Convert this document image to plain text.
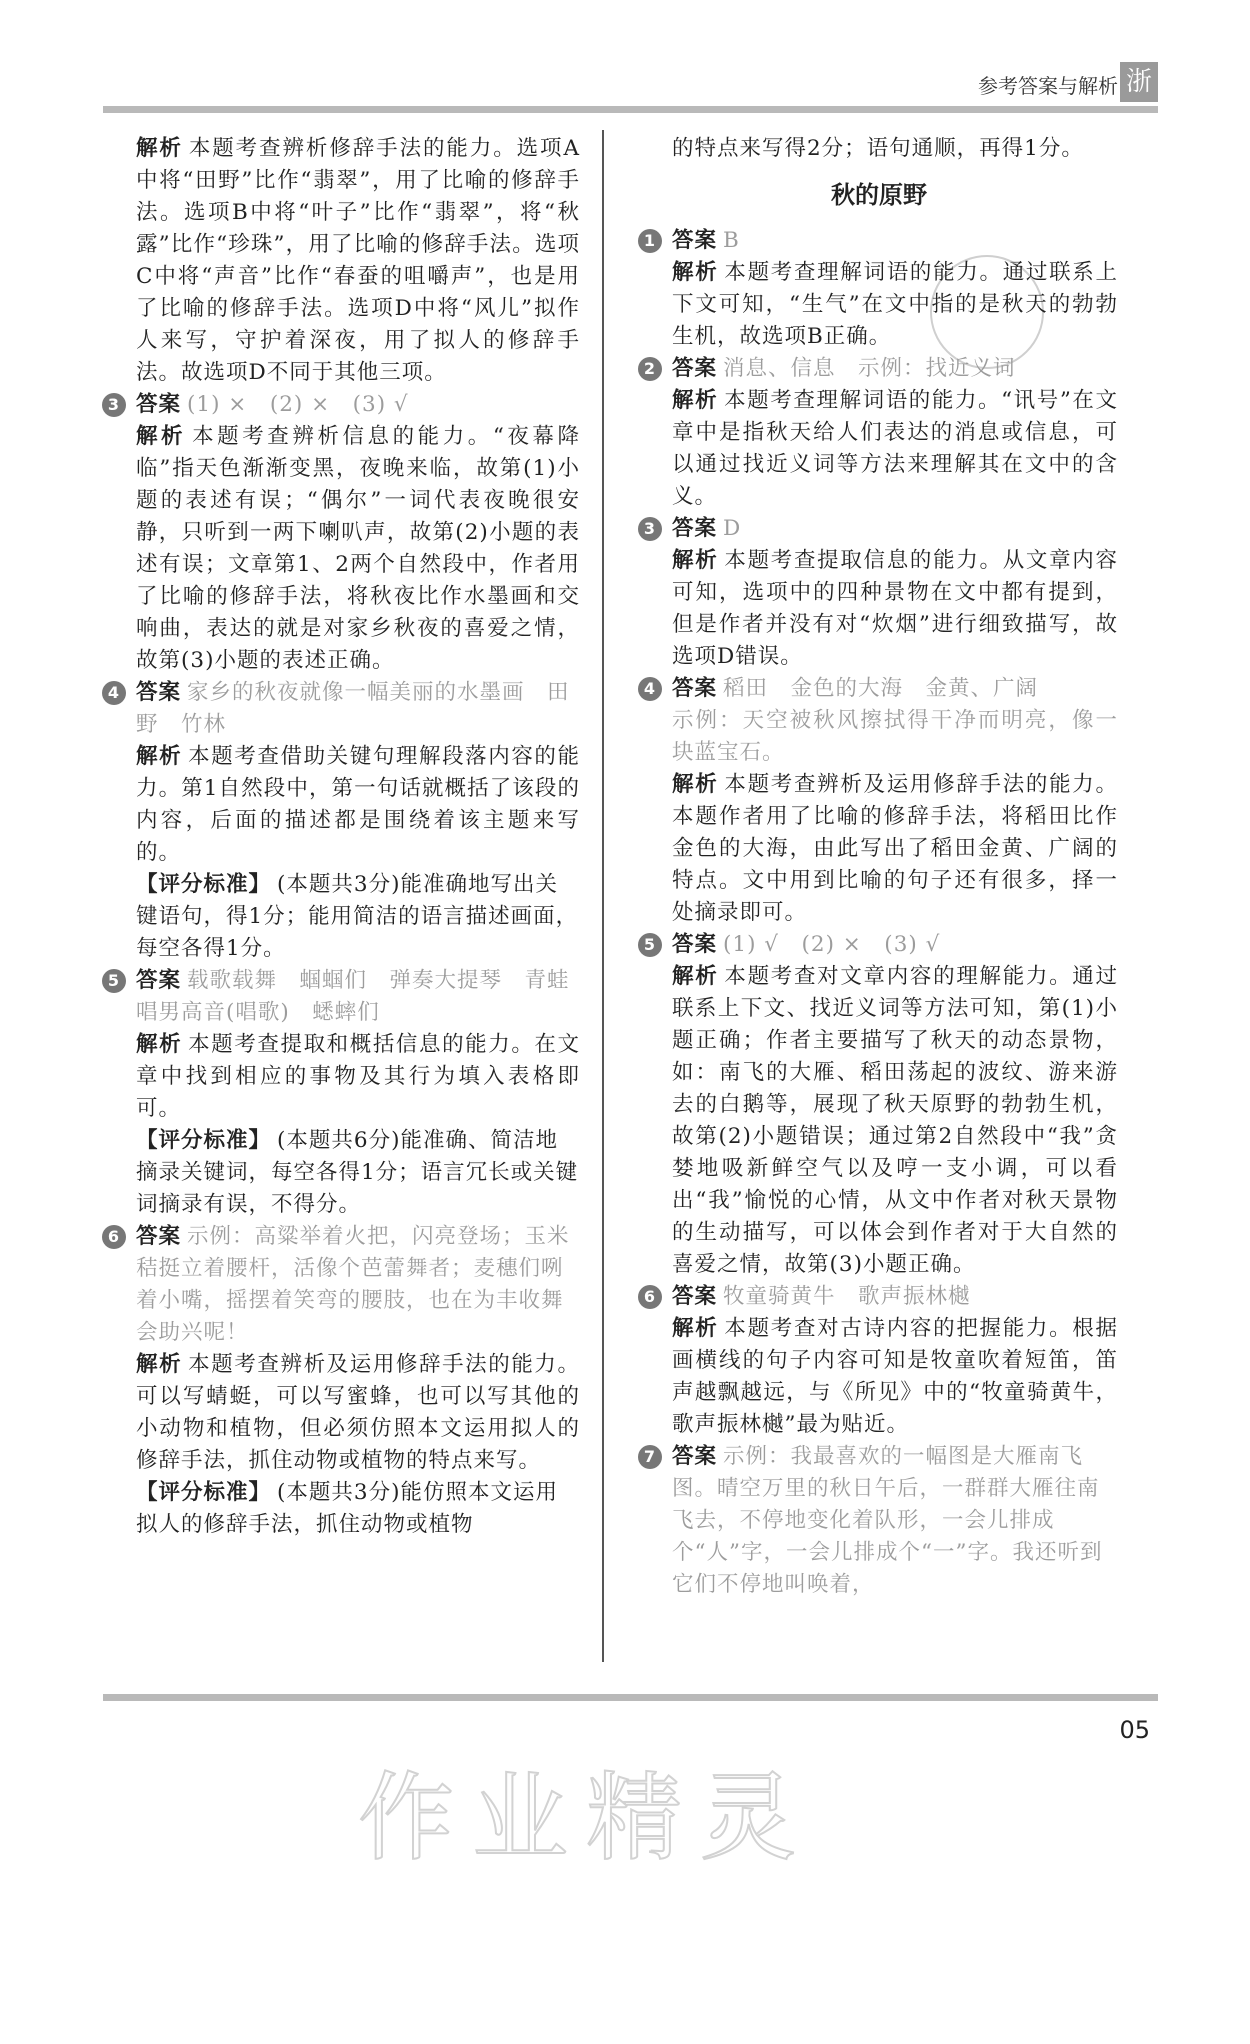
参考答案与解析 浙

解析 本题考查辨析修辞手法的能力。选项A中将“田野”比作“翡翠”，用了比喻的修辞手法。选项B中将“叶子”比作“翡翠”，将“秋露”比作“珍珠”，用了比喻的修辞手法。选项C中将“声音”比作“春蚕的咀嚼声”，也是用了比喻的修辞手法。选项D中将“风儿”拟作人来写，守护着深夜，用了拟人的修辞手法。故选项D不同于其他三项。

3 答案 (1) ×　(2) ×　(3) √

解析 本题考查辨析信息的能力。“夜幕降临”指天色渐渐变黑，夜晚来临，故第(1)小题的表述有误；“偶尔”一词代表夜晚很安静，只听到一两下喇叭声，故第(2)小题的表述有误；文章第1、2两个自然段中，作者用了比喻的修辞手法，将秋夜比作水墨画和交响曲，表达的就是对家乡秋夜的喜爱之情，故第(3)小题的表述正确。

4 答案 家乡的秋夜就像一幅美丽的水墨画　田野　竹林

解析 本题考查借助关键句理解段落内容的能力。第1自然段中，第一句话就概括了该段的内容，后面的描述都是围绕着该主题来写的。

【评分标准】 (本题共3分)能准确地写出关键语句，得1分；能用简洁的语言描述画面，每空各得1分。

5 答案 载歌载舞　蝈蝈们　弹奏大提琴　青蛙　唱男高音(唱歌)　蟋蟀们

解析 本题考查提取和概括信息的能力。在文章中找到相应的事物及其行为填入表格即可。

【评分标准】 (本题共6分)能准确、简洁地摘录关键词，每空各得1分；语言冗长或关键词摘录有误，不得分。

6 答案 示例：高粱举着火把，闪亮登场；玉米秸挺立着腰杆，活像个芭蕾舞者；麦穗们咧着小嘴，摇摆着笑弯的腰肢，也在为丰收舞会助兴呢！

解析 本题考查辨析及运用修辞手法的能力。可以写蜻蜓，可以写蜜蜂，也可以写其他的小动物和植物，但必须仿照本文运用拟人的修辞手法，抓住动物或植物的特点来写。

【评分标准】 (本题共3分)能仿照本文运用拟人的修辞手法，抓住动物或植物

的特点来写得2分；语句通顺，再得1分。

秋的原野
1 答案 B

解析 本题考查理解词语的能力。通过联系上下文可知，“生气”在文中指的是秋天的勃勃生机，故选项B正确。

2 答案 消息、信息　示例：找近义词

解析 本题考查理解词语的能力。“讯号”在文章中是指秋天给人们表达的消息或信息，可以通过找近义词等方法来理解其在文中的含义。

3 答案 D

解析 本题考查提取信息的能力。从文章内容可知，选项中的四种景物在文中都有提到，但是作者并没有对“炊烟”进行细致描写，故选项D错误。

4 答案 稻田　金色的大海　金黄、广阔

示例：天空被秋风擦拭得干净而明亮，像一块蓝宝石。

解析 本题考查辨析及运用修辞手法的能力。本题作者用了比喻的修辞手法，将稻田比作金色的大海，由此写出了稻田金黄、广阔的特点。文中用到比喻的句子还有很多，择一处摘录即可。

5 答案 (1) √　(2) ×　(3) √

解析 本题考查对文章内容的理解能力。通过联系上下文、找近义词等方法可知，第(1)小题正确；作者主要描写了秋天的动态景物，如：南飞的大雁、稻田荡起的波纹、游来游去的白鹅等，展现了秋天原野的勃勃生机，故第(2)小题错误；通过第2自然段中“我”贪婪地吸新鲜空气以及哼一支小调，可以看出“我”愉悦的心情，从文中作者对秋天景物的生动描写，可以体会到作者对于大自然的喜爱之情，故第(3)小题正确。

6 答案 牧童骑黄牛　歌声振林樾

解析 本题考查对古诗内容的把握能力。根据画横线的句子内容可知是牧童吹着短笛，笛声越飘越远，与《所见》中的“牧童骑黄牛，歌声振林樾”最为贴近。

7 答案 示例：我最喜欢的一幅图是大雁南飞图。晴空万里的秋日午后，一群群大雁往南飞去，不停地变化着队形，一会儿排成个“人”字，一会儿排成个“一”字。我还听到它们不停地叫唤着，
05
作业精灵
